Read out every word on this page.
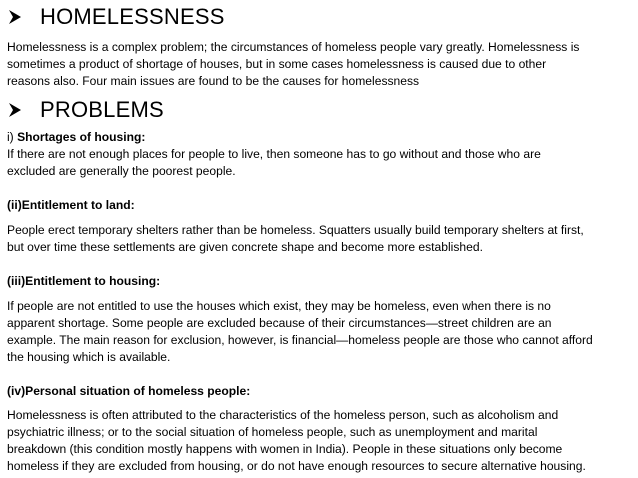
HOMELESSNESS
Homelessness is a complex problem; the circumstances of homeless people vary greatly. Homelessness is
sometimes a product of shortage of houses, but in some cases homelessness is caused due to other
reasons also. Four main issues are found to be the causes for homelessness
PROBLEMS
i) Shortages of housing:
If there are not enough places for people to live, then someone has to go without and those who are
excluded are generally the poorest people.
(ii)Entitlement to land:
People erect temporary shelters rather than be homeless. Squatters usually build temporary shelters at first,
but over time these settlements are given concrete shape and become more established.
(iii)Entitlement to housing:
If people are not entitled to use the houses which exist, they may be homeless, even when there is no
apparent shortage. Some people are excluded because of their circumstances—street children are an
example. The main reason for exclusion, however, is financial—homeless people are those who cannot afford
the housing which is available.
(iv)Personal situation of homeless people:
Homelessness is often attributed to the characteristics of the homeless person, such as alcoholism and
psychiatric illness; or to the social situation of homeless people, such as unemployment and marital
breakdown (this condition mostly happens with women in India). People in these situations only become
homeless if they are excluded from housing, or do not have enough resources to secure alternative housing.
